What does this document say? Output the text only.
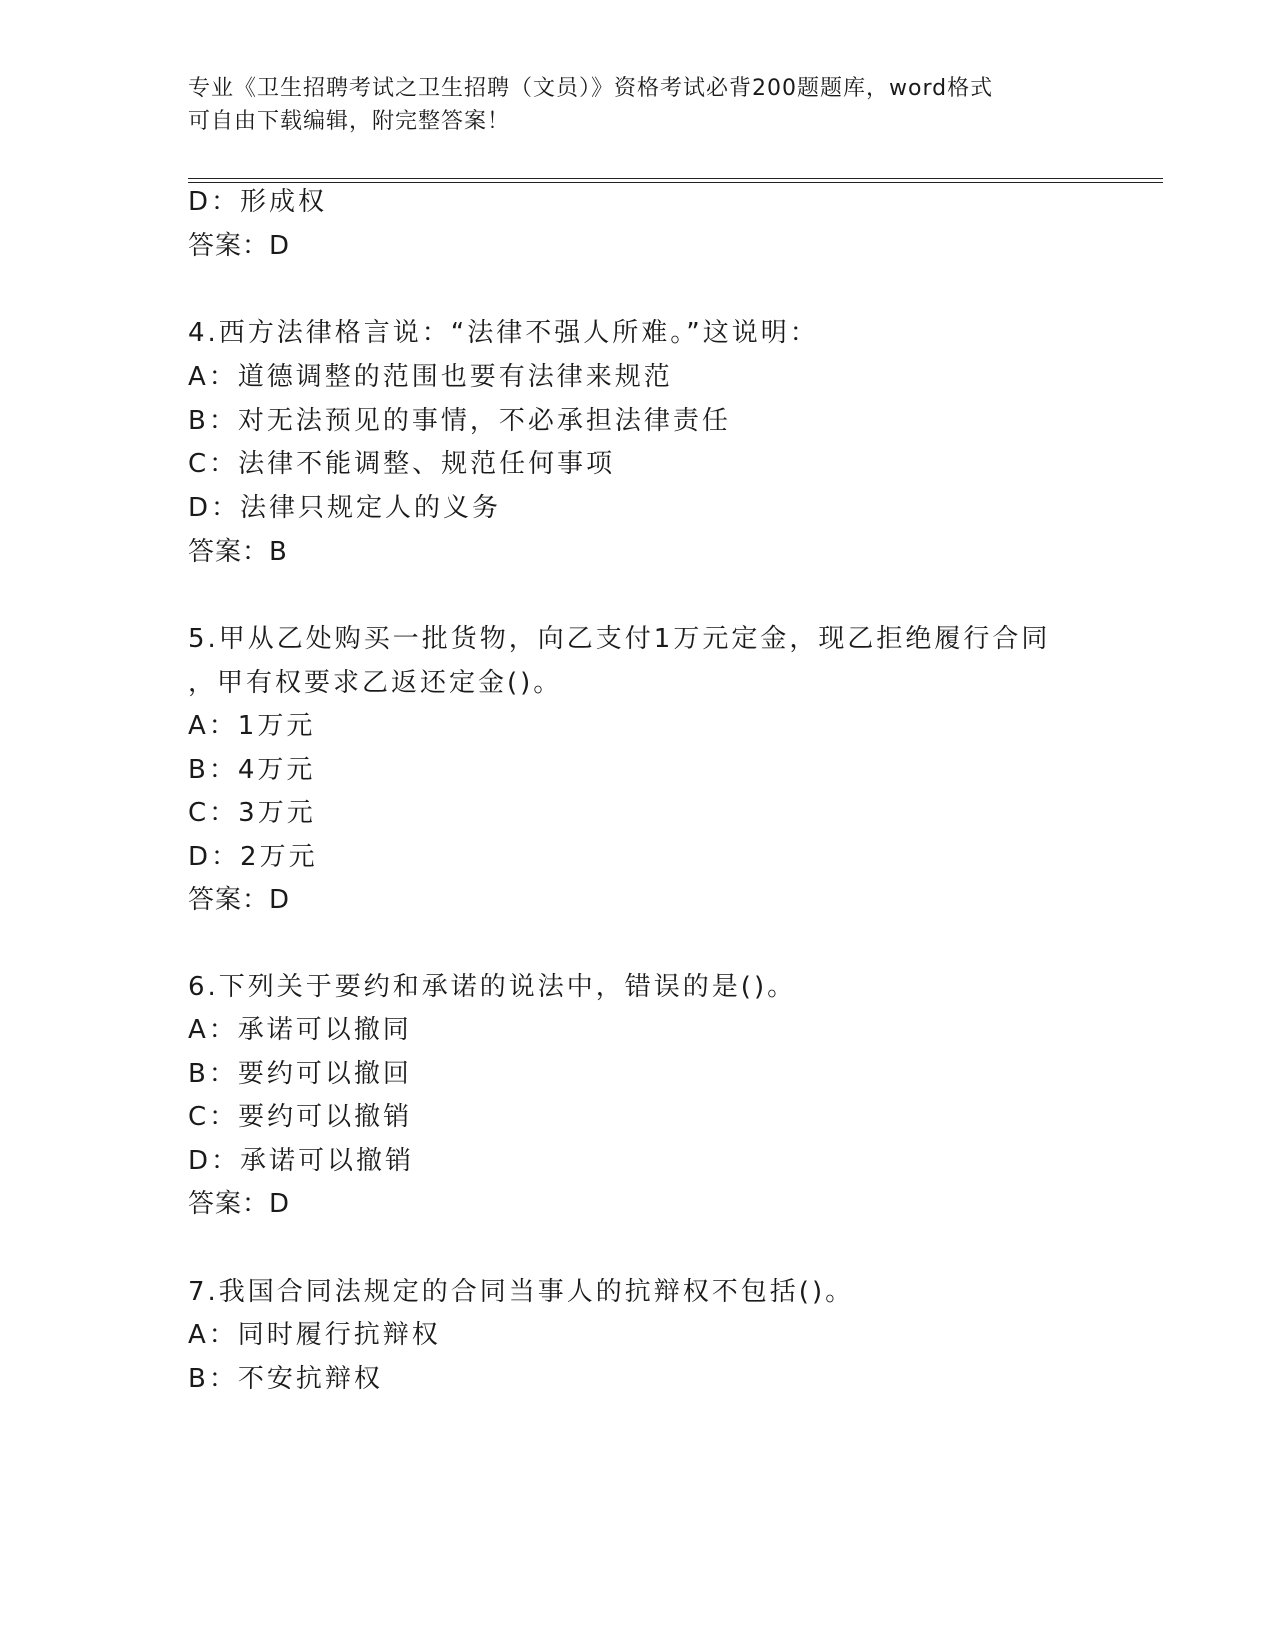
专业《卫生招聘考试之卫生招聘（文员）》资格考试必背200题题库，word格式
可自由下载编辑，附完整答案！
D：形成权
答案：D
4.西方法律格言说：“法律不强人所难。”这说明：
A：道德调整的范围也要有法律来规范
B：对无法预见的事情，不必承担法律责任
C：法律不能调整、规范任何事项
D：法律只规定人的义务
答案：B
5.甲从乙处购买一批货物，向乙支付1万元定金，现乙拒绝履行合同
，甲有权要求乙返还定金()。
A：1万元
B：4万元
C：3万元
D：2万元
答案：D
6.下列关于要约和承诺的说法中，错误的是()。
A：承诺可以撤同
B：要约可以撤回
C：要约可以撤销
D：承诺可以撤销
答案：D
7.我国合同法规定的合同当事人的抗辩权不包括()。
A：同时履行抗辩权
B：不安抗辩权
